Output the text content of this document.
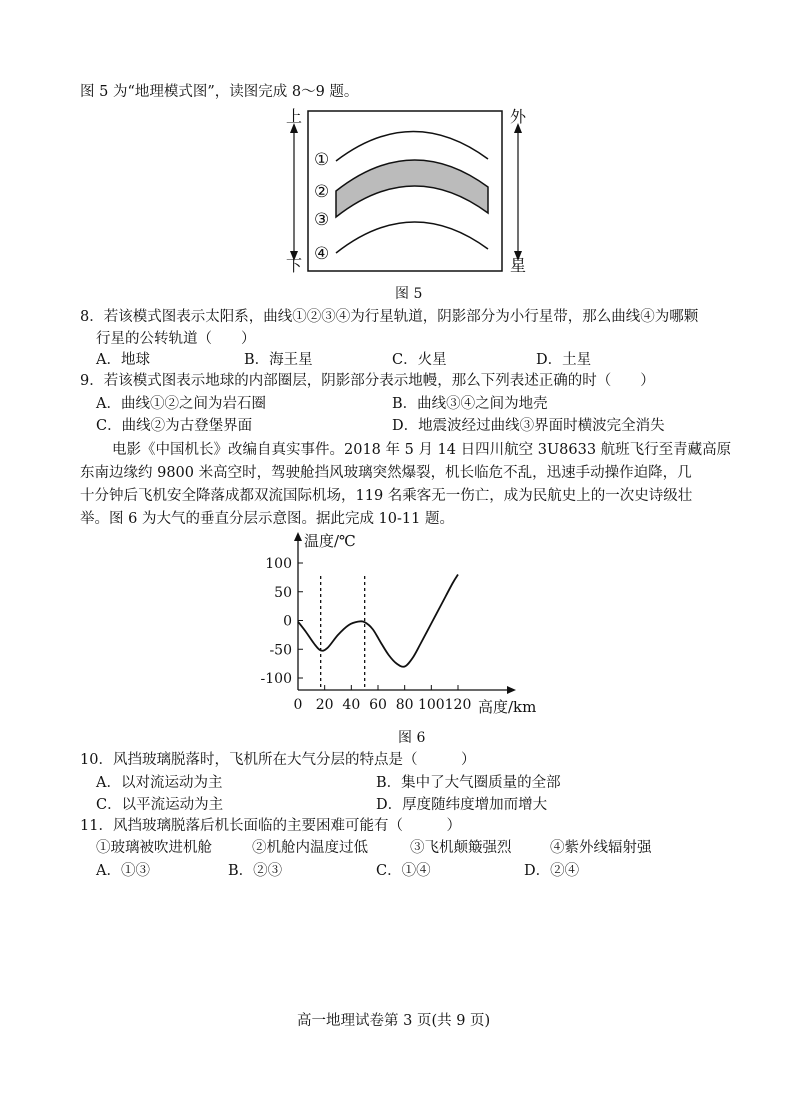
图 5 为“地理模式图”，读图完成 8～9 题。
上
下
外
星
①
②
③
④
图 5
8．若该模式图表示太阳系，曲线①②③④为行星轨道，阴影部分为小行星带，那么曲线④为哪颗
行星的公转轨道（　　）
A．地球	B．海王星	C．火星	D．土星
9．若该模式图表示地球的内部圈层，阴影部分表示地幔，那么下列表述正确的时（　　）
A．曲线①②之间为岩石圈	B．曲线③④之间为地壳
C．曲线②为古登堡界面	D．地震波经过曲线③界面时横波完全消失
电影《中国机长》改编自真实事件。2018 年 5 月 14 日四川航空 3U8633 航班飞行至青藏高原
东南边缘约 9800 米高空时，驾驶舱挡风玻璃突然爆裂，机长临危不乱，迅速手动操作迫降，几
十分钟后飞机安全降落成都双流国际机场，119 名乘客无一伤亡，成为民航史上的一次史诗级壮
举。图 6 为大气的垂直分层示意图。据此完成 10-11 题。
100
50
0
-50
-100
0 20 40 60 80 100 120
温度/℃
高度/km
图 6
10．风挡玻璃脱落时，飞机所在大气分层的特点是（　　　）
A．以对流运动为主	B．集中了大气圈质量的全部
C．以平流运动为主	D．厚度随纬度增加而增大
11．风挡玻璃脱落后机长面临的主要困难可能有（　　　）
①玻璃被吹进机舱	②机舱内温度过低	③飞机颠簸强烈	④紫外线辐射强
A．①③	B．②③	C．①④	D．②④
高一地理试卷第 3 页(共 9 页)
